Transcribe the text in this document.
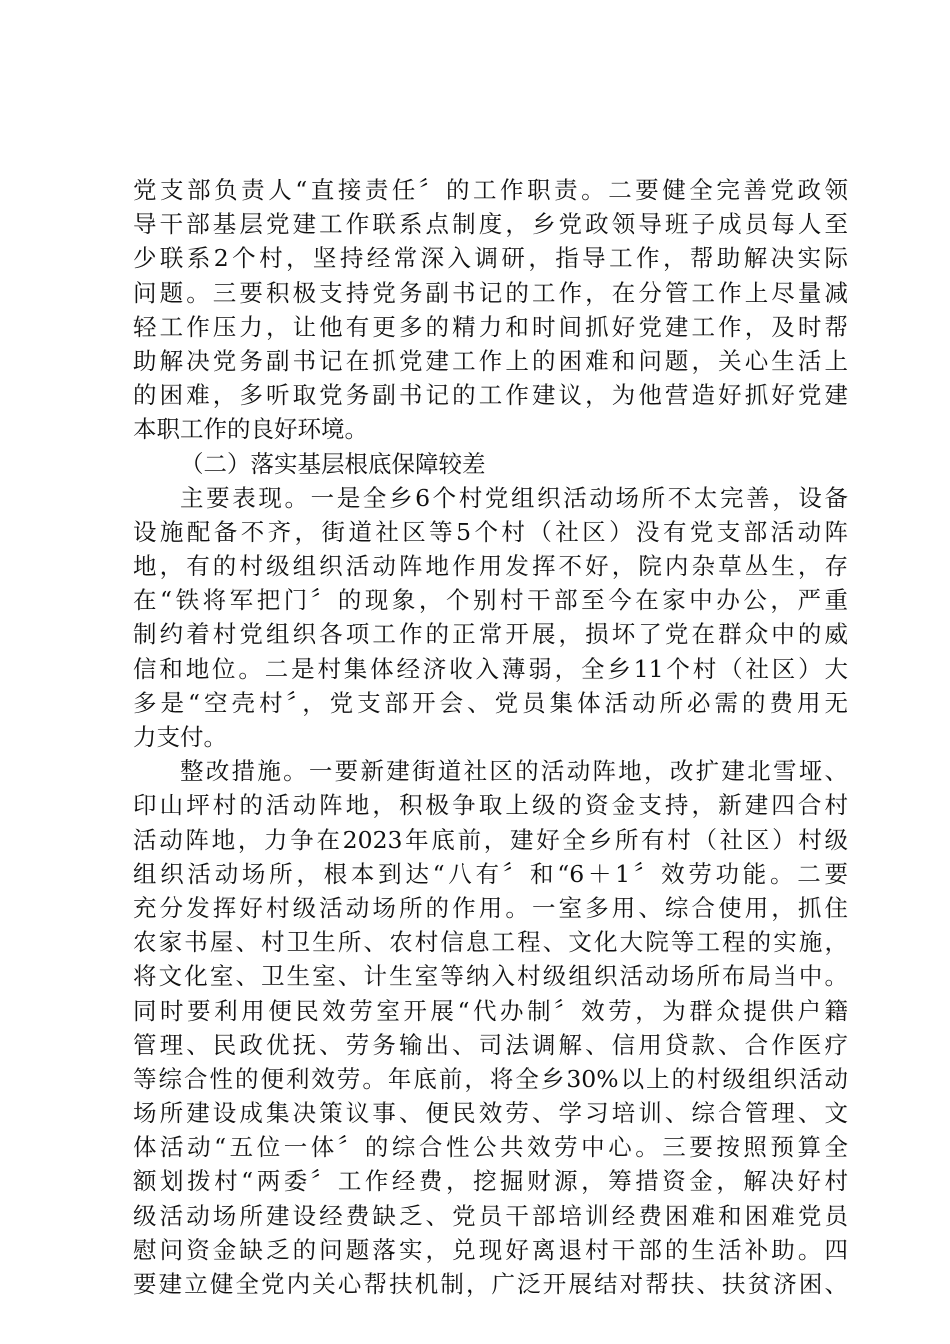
党支部负责人“直接责任〞的工作职责。二要健全完善党政领
导干部基层党建工作联系点制度，乡党政领导班子成员每人至
少联系2个村，坚持经常深入调研，指导工作，帮助解决实际
问题。三要积极支持党务副书记的工作，在分管工作上尽量减
轻工作压力，让他有更多的精力和时间抓好党建工作，及时帮
助解决党务副书记在抓党建工作上的困难和问题，关心生活上
的困难，多听取党务副书记的工作建议，为他营造好抓好党建
本职工作的良好环境。
（二）落实基层根底保障较差
主要表现。一是全乡6个村党组织活动场所不太完善，设备
设施配备不齐，街道社区等5个村（社区）没有党支部活动阵
地，有的村级组织活动阵地作用发挥不好，院内杂草丛生，存
在“铁将军把门〞的现象，个别村干部至今在家中办公，严重
制约着村党组织各项工作的正常开展，损坏了党在群众中的威
信和地位。二是村集体经济收入薄弱，全乡11个村（社区）大
多是“空壳村〞，党支部开会、党员集体活动所必需的费用无
力支付。
整改措施。一要新建街道社区的活动阵地，改扩建北雪垭、
印山坪村的活动阵地，积极争取上级的资金支持，新建四合村
活动阵地，力争在2023年底前，建好全乡所有村（社区）村级
组织活动场所，根本到达“八有〞和“6＋1〞效劳功能。二要
充分发挥好村级活动场所的作用。一室多用、综合使用，抓住
农家书屋、村卫生所、农村信息工程、文化大院等工程的实施，
将文化室、卫生室、计生室等纳入村级组织活动场所布局当中。
同时要利用便民效劳室开展“代办制〞效劳，为群众提供户籍
管理、民政优抚、劳务输出、司法调解、信用贷款、合作医疗
等综合性的便利效劳。年底前，将全乡30%以上的村级组织活动
场所建设成集决策议事、便民效劳、学习培训、综合管理、文
体活动“五位一体〞的综合性公共效劳中心。三要按照预算全
额划拨村“两委〞工作经费，挖掘财源，筹措资金，解决好村
级活动场所建设经费缺乏、党员干部培训经费困难和困难党员
慰问资金缺乏的问题落实，兑现好离退村干部的生活补助。四
要建立健全党内关心帮扶机制，广泛开展结对帮扶、扶贫济困、
